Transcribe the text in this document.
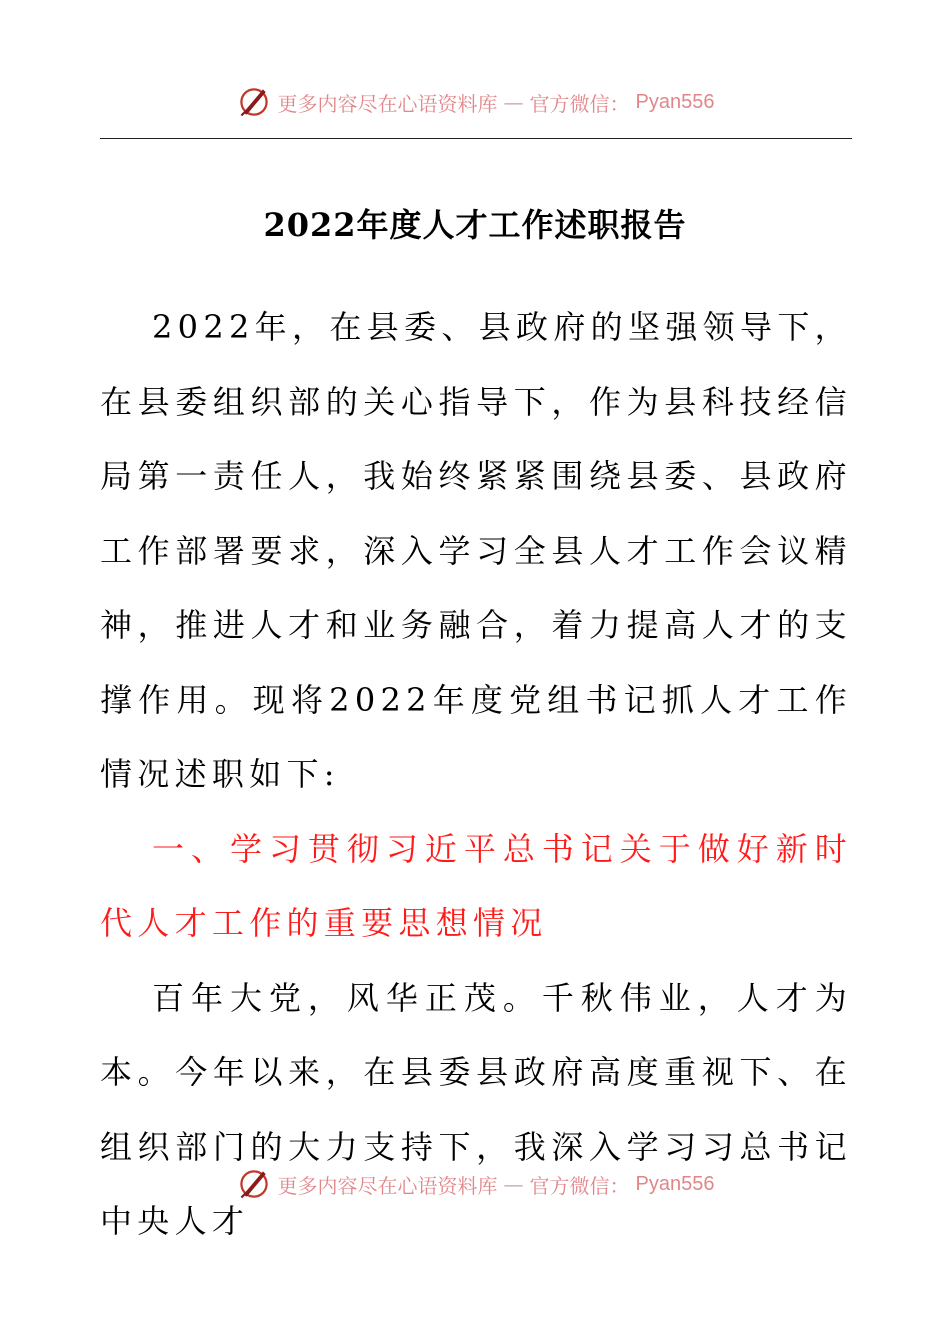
更多内容尽在心语资料库 — 官方微信： Pyan556
2022年度人才工作述职报告

2022年，在县委、县政府的坚强领导下，在县委组织部的关心指导下，作为县科技经信局第一责任人，我始终紧紧围绕县委、县政府工作部署要求，深入学习全县人才工作会议精神，推进人才和业务融合，着力提高人才的支撑作用。现将2022年度党组书记抓人才工作情况述职如下:

一、学习贯彻习近平总书记关于做好新时代人才工作的重要思想情况

百年大党，风华正茂。千秋伟业，人才为本。今年以来，在县委县政府高度重视下、在组织部门的大力支持下，我深入学习习总书记中央人才

更多内容尽在心语资料库 — 官方微信： Pyan556
